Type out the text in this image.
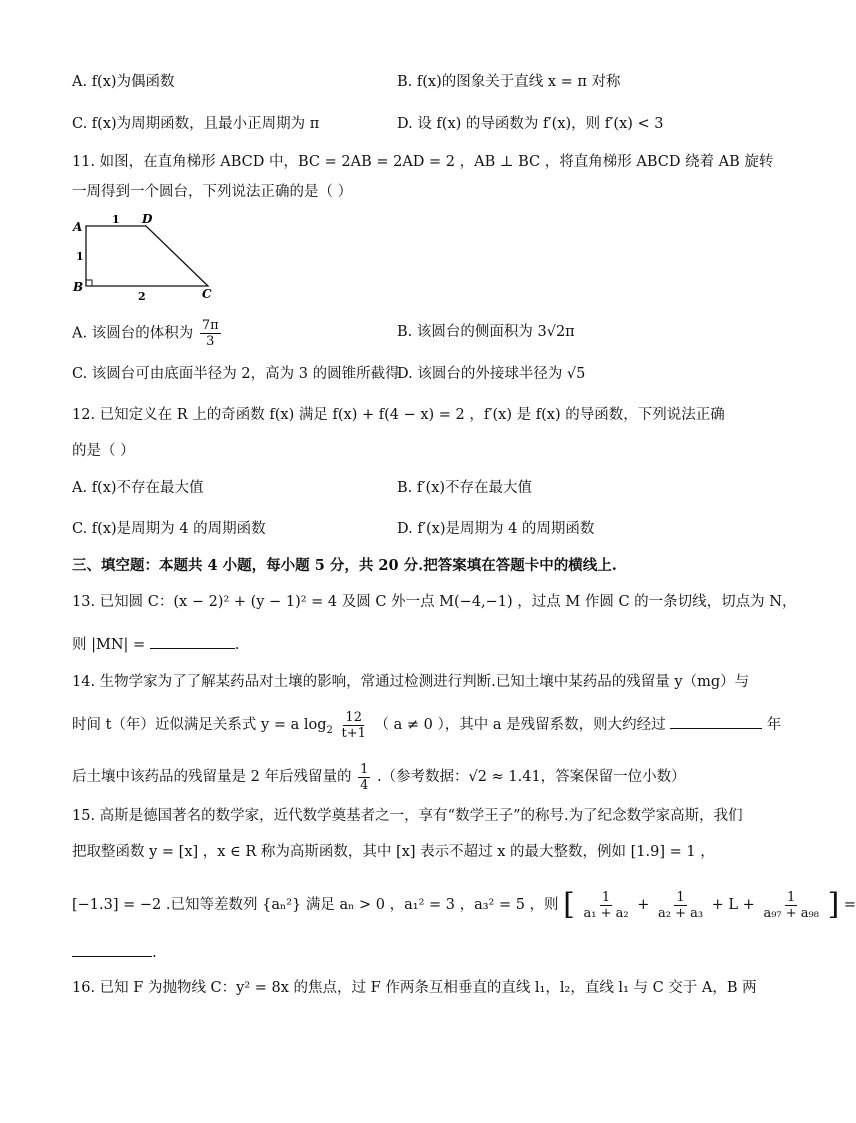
A. f(x)为偶函数	B. f(x)的图象关于直线 x = π 对称
C. f(x)为周期函数，且最小正周期为 π	D. 设 f(x) 的导函数为 f′(x)，则 f′(x) < 3
11. 如图，在直角梯形 ABCD 中，BC = 2AB = 2AD = 2 ，AB ⊥ BC ，将直角梯形 ABCD 绕着 AB 旋转
一周得到一个圆台，下列说法正确的是（ ）
A
D
B	C
1
1
2
A. 该圆台的体积为 $\frac{7\pi}{3}$	B. 该圆台的侧面积为 3√2π
C. 该圆台可由底面半径为 2，高为 3 的圆锥所截得
D. 该圆台的外接球半径为 √5
12. 已知定义在 R 上的奇函数 f(x) 满足 f(x) + f(4 − x) = 2 ，f′(x) 是 f(x) 的导函数，下列说法正确
的是（ ）
A. f(x)不存在最大值	B. f′(x)不存在最大值
C. f(x)是周期为 4 的周期函数	D. f′(x)是周期为 4 的周期函数
三、填空题：本题共 4 小题，每小题 5 分，共 20 分.把答案填在答题卡中的横线上.
13. 已知圆 C：(x − 2)² + (y − 1)² = 4 及圆 C 外一点 M(−4,−1) ，过点 M 作圆 C 的一条切线，切点为 N，
则 |MN| =	.
14. 生物学家为了了解某药品对土壤的影响，常通过检测进行判断.已知土壤中某药品的残留量 y（mg）与
时间 t（年）近似满足关系式 y = a $\log_2 \frac{12}{t+1}$ （ a ≠ 0 ），其中 a 是残留系数，则大约经过	年
后土壤中该药品的残留量是 2 年后残留量的 $\frac{1}{4}$ .（参考数据：√2 ≈ 1.41，答案保留一位小数）
15. 高斯是德国著名的数学家，近代数学奠基者之一，享有“数学王子”的称号.为了纪念数学家高斯，我们
把取整函数 y = [x] ，x ∈ R 称为高斯函数，其中 [x] 表示不超过 x 的最大整数，例如 [1.9] = 1 ，
[−1.3] = −2 .已知等差数列 {aₙ²} 满足 aₙ > 0 ，a₁² = 3 ，a₃² = 5 ，则 [ $\frac{1}{\text{a₁ + a₂}} + \frac{1}{\text{a₂ + a₃}} + L + \frac{1}{\text{a₉₇ + a₉₈}}$ ] =
.
16. 已知 F 为抛物线 C：y² = 8x 的焦点，过 F 作两条互相垂直的直线 l₁，l₂，直线 l₁ 与 C 交于 A，B 两
